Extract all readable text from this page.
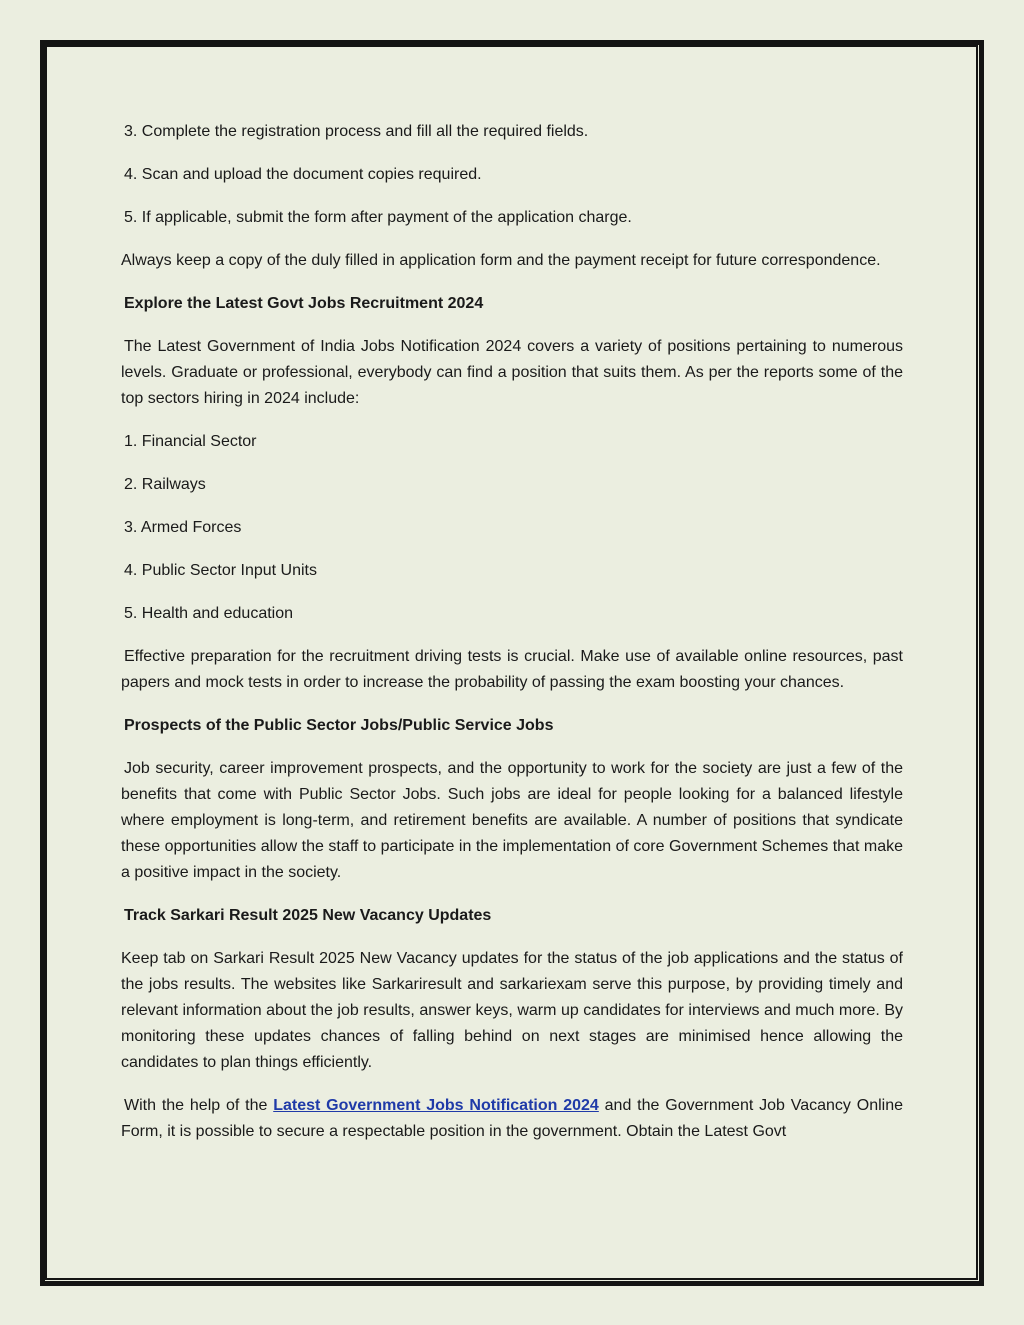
3. Complete the registration process and fill all the required fields.

4. Scan and upload the document copies required.

5. If applicable, submit the form after payment of the application charge.

Always keep a copy of the duly filled in application form and the payment receipt for future correspondence.

Explore the Latest Govt Jobs Recruitment 2024

The Latest Government of India Jobs Notification 2024 covers a variety of positions pertaining to numerous levels. Graduate or professional, everybody can find a position that suits them. As per the reports some of the top sectors hiring in 2024 include:

1. Financial Sector

2. Railways

3. Armed Forces

4. Public Sector Input Units

5. Health and education

Effective preparation for the recruitment driving tests is crucial. Make use of available online resources, past papers and mock tests in order to increase the probability of passing the exam boosting your chances.

Prospects of the Public Sector Jobs/Public Service Jobs

Job security, career improvement prospects, and the opportunity to work for the society are just a few of the benefits that come with Public Sector Jobs. Such jobs are ideal for people looking for a balanced lifestyle where employment is long-term, and retirement benefits are available. A number of positions that syndicate these opportunities allow the staff to participate in the implementation of core Government Schemes that make a positive impact in the society.

Track Sarkari Result 2025 New Vacancy Updates

Keep tab on Sarkari Result 2025 New Vacancy updates for the status of the job applications and the status of the jobs results. The websites like Sarkariresult and sarkariexam serve this purpose, by providing timely and relevant information about the job results, answer keys, warm up candidates for interviews and much more. By monitoring these updates chances of falling behind on next stages are minimised hence allowing the candidates to plan things efficiently.

With the help of the Latest Government Jobs Notification 2024 and the Government Job Vacancy Online Form, it is possible to secure a respectable position in the government. Obtain the Latest Govt
